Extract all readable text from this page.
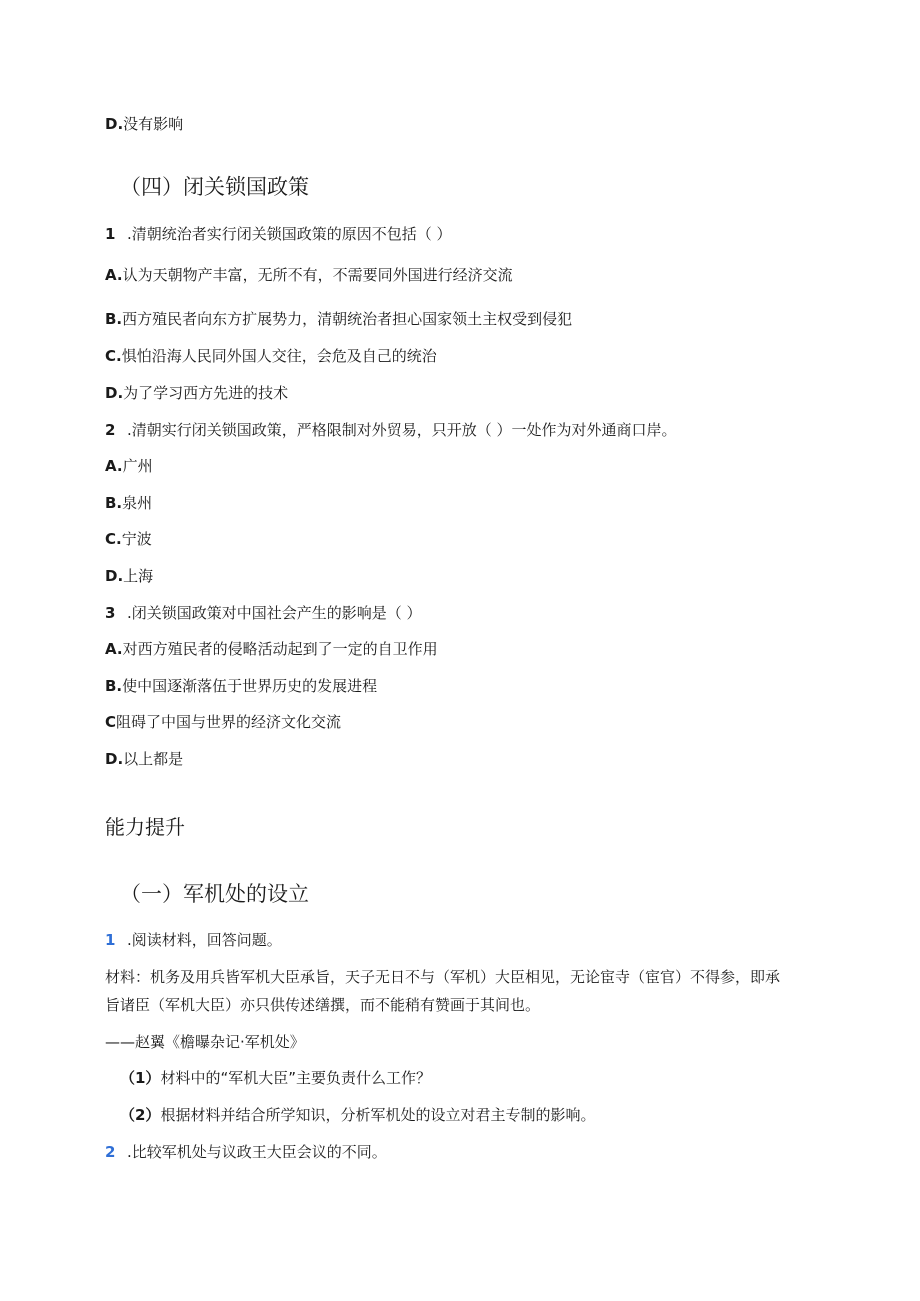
D.没有影响
（四）闭关锁国政策
1 .清朝统治者实行闭关锁国政策的原因不包括（ ）
A.认为天朝物产丰富，无所不有，不需要同外国进行经济交流
B.西方殖民者向东方扩展势力，清朝统治者担心国家领土主权受到侵犯
C.惧怕沿海人民同外国人交往，会危及自己的统治
D.为了学习西方先进的技术
2 .清朝实行闭关锁国政策，严格限制对外贸易，只开放（ ）一处作为对外通商口岸。
A.广州
B.泉州
C.宁波
D.上海
3 .闭关锁国政策对中国社会产生的影响是（ ）
A.对西方殖民者的侵略活动起到了一定的自卫作用
B.使中国逐渐落伍于世界历史的发展进程
C阻碍了中国与世界的经济文化交流
D.以上都是
能力提升
（一）军机处的设立
1 .阅读材料，回答问题。
材料：机务及用兵皆军机大臣承旨，天子无日不与（军机）大臣相见，无论宦寺（宦官）不得参，即承
旨诸臣（军机大臣）亦只供传述缮撰，而不能稍有赞画于其间也。
——赵翼《檐曝杂记·军机处》
（1）材料中的“军机大臣”主要负责什么工作？
（2）根据材料并结合所学知识，分析军机处的设立对君主专制的影响。
2 .比较军机处与议政王大臣会议的不同。
